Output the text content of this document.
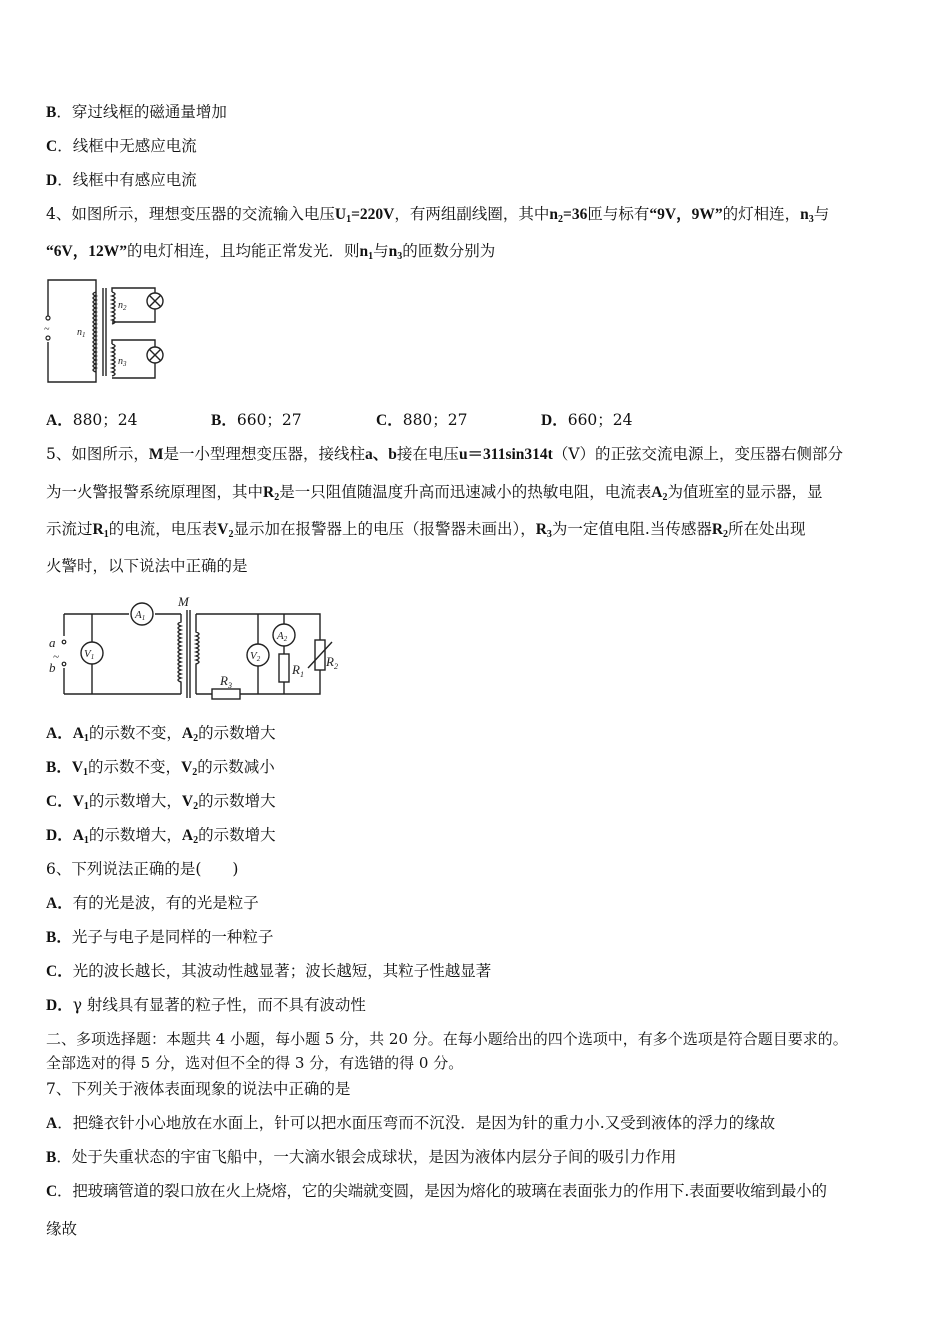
B．穿过线框的磁通量增加
C．线框中无感应电流
D．线框中有感应电流
4、如图所示，理想变压器的交流输入电压$U_1=220V$，有两组副线圈，其中$n_2=36$匝与标有“9V，9W”的灯相连，$n_3$与
“6V，12W”的电灯相连，且均能正常发光．则$n_1$与$n_3$的匝数分别为
~	$n_1$
$n_2$
$n_3$
A．880；24	B．660；27	C．880；27	D．660；24
5、如图所示，M是一小型理想变压器，接线柱a、b接在电压u＝311sin314t（V）的正弦交流电源上，变压器右侧部分
为一火警报警系统原理图，其中$R_2$是一只阻值随温度升高而迅速减小的热敏电阻，电流表$A_2$为值班室的显示器，显
示流过$R_1$的电流，电压表$V_2$显示加在报警器上的电压（报警器未画出），$R_3$为一定值电阻.当传感器$R_2$所在处出现
火警时，以下说法中正确的是
a
~
b
M
V1
A1
V2
A2
$R_1$
$R_2$
$R_3$
A．$A_1$的示数不变，$A_2$的示数增大
B．$V_1$的示数不变，$V_2$的示数减小
C．$V_1$的示数增大，$V_2$的示数增大
D．$A_1$的示数增大，$A_2$的示数增大
6、下列说法正确的是(　　)
A．有的光是波，有的光是粒子
B．光子与电子是同样的一种粒子
C．光的波长越长，其波动性越显著；波长越短，其粒子性越显著
D．γ 射线具有显著的粒子性，而不具有波动性
二、多项选择题：本题共 4 小题，每小题 5 分，共 20 分。在每小题给出的四个选项中，有多个选项是符合题目要求的。
全部选对的得 5 分，选对但不全的得 3 分，有选错的得 0 分。
7、下列关于液体表面现象的说法中正确的是
A．把缝衣针小心地放在水面上，针可以把水面压弯而不沉没．是因为针的重力小.又受到液体的浮力的缘故
B．处于失重状态的宇宙飞船中，一大滴水银会成球状，是因为液体内层分子间的吸引力作用
C．把玻璃管道的裂口放在火上烧熔，它的尖端就变圆，是因为熔化的玻璃在表面张力的作用下.表面要收缩到最小的
缘故
